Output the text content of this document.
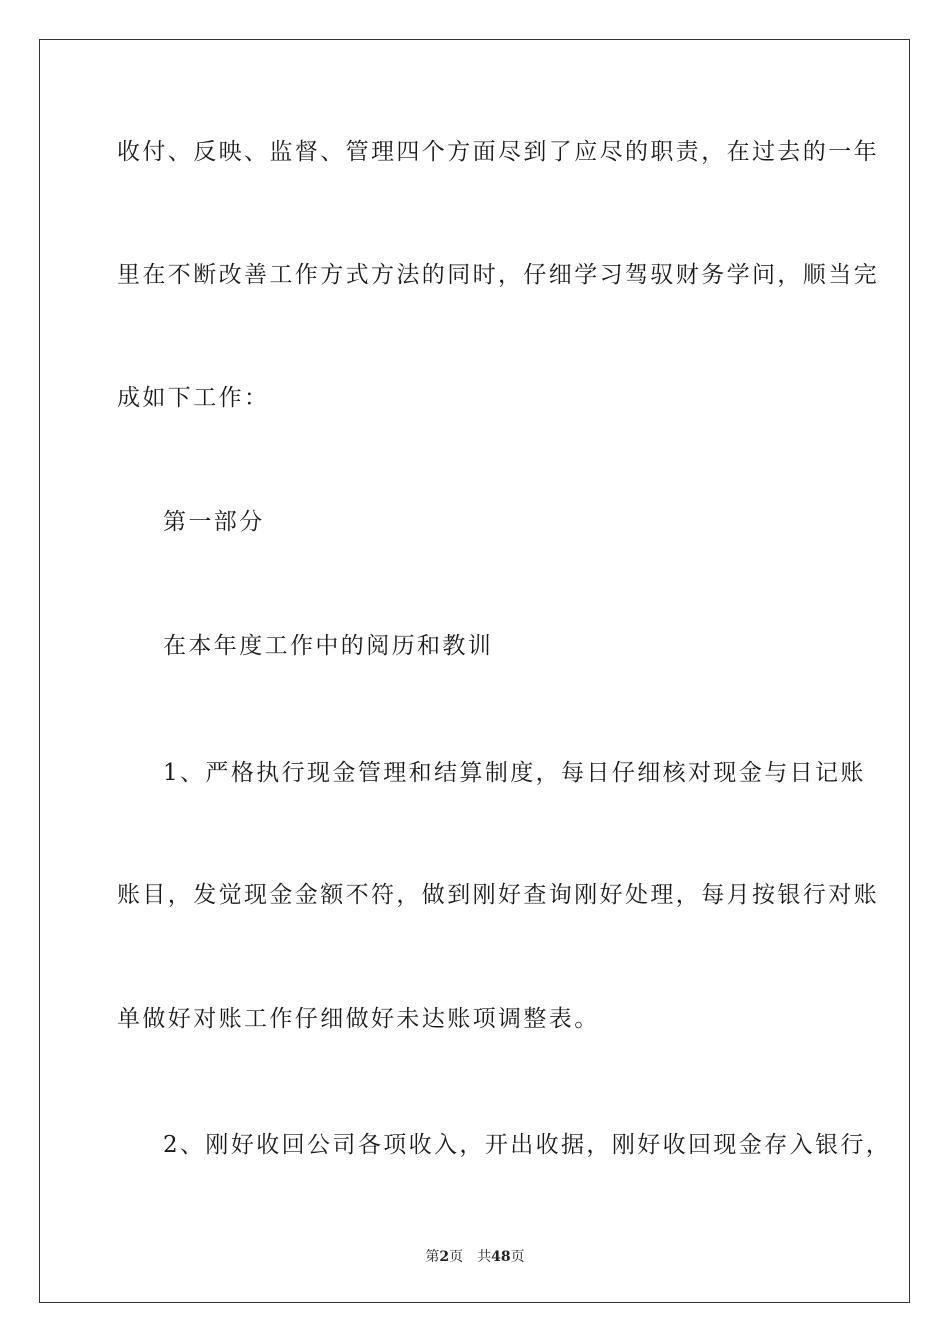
收付、反映、监督、管理四个方面尽到了应尽的职责，在过去的一年
里在不断改善工作方式方法的同时，仔细学习驾驭财务学问，顺当完
成如下工作：
第一部分
在本年度工作中的阅历和教训
1、严格执行现金管理和结算制度，每日仔细核对现金与日记账
账目，发觉现金金额不符，做到刚好查询刚好处理，每月按银行对账
单做好对账工作仔细做好未达账项调整表。
2、刚好收回公司各项收入，开出收据，刚好收回现金存入银行，
第2页 共48页
